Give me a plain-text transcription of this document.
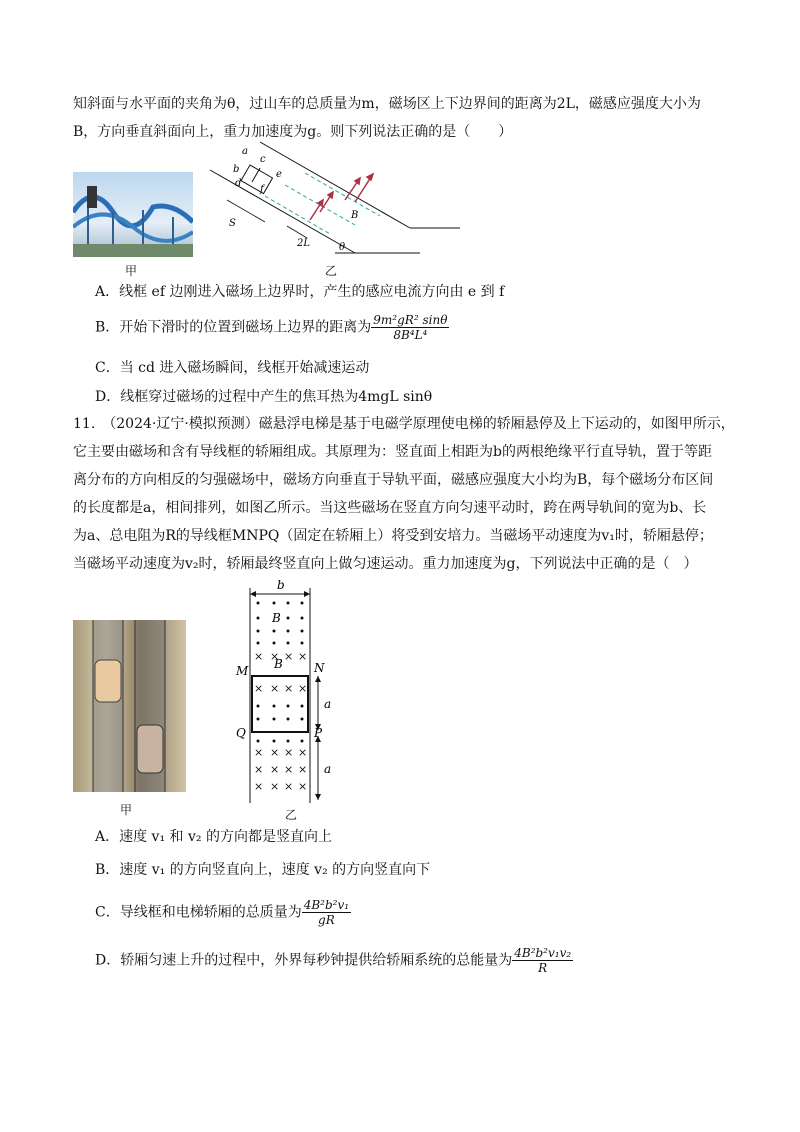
知斜面与水平面的夹角为θ，过山车的总质量为m，磁场区上下边界间的距离为2L，磁感应强度大小为
B，方向垂直斜面向上，重力加速度为g。则下列说法正确的是（　　）
甲
a
c
b	e
d
f
S
2L
B
θ
乙
A．线框 ef 边刚进入磁场上边界时，产生的感应电流方向由 e 到 f
B．开始下滑时的位置到磁场上边界的距离为 $\frac{\text{9m²gR² sinθ}}{\text{8B⁴L⁴}}$
C．当 cd 进入磁场瞬间，线框开始减速运动
D．线框穿过磁场的过程中产生的焦耳热为4mgL sinθ
11.　（2024·辽宁·模拟预测）磁悬浮电梯是基于电磁学原理使电梯的轿厢悬停及上下运动的，如图甲所示，
它主要由磁场和含有导线框的轿厢组成。其原理为：竖直面上相距为b的两根绝缘平行直导轨，置于等距
离分布的方向相反的匀强磁场中，磁场方向垂直于导轨平面，磁感应强度大小均为B，每个磁场分布区间
的长度都是a，相间排列，如图乙所示。当这些磁场在竖直方向匀速平动时，跨在两导轨间的宽为b、长
为a、总电阻为R的导线框MNPQ（固定在轿厢上）将受到安培力。当磁场平动速度为v₁时，轿厢悬停；
当磁场平动速度为v₂时，轿厢最终竖直向上做匀速运动。重力加速度为g，下列说法中正确的是（　）
甲
× × × ×
× × × ×
× × × ×
× × × ×
× × × ×
b
B
B
M	N
Q	P
a
a
乙
A．速度 v₁ 和 v₂ 的方向都是竖直向上
B．速度 v₁ 的方向竖直向上，速度 v₂ 的方向竖直向下
C．导线框和电梯轿厢的总质量为 $\frac{\text{4B²b²v₁}}{gR}$
D．轿厢匀速上升的过程中，外界每秒钟提供给轿厢系统的总能量为 $\frac{\text{4B²b²v₁v₂}}{R}$
